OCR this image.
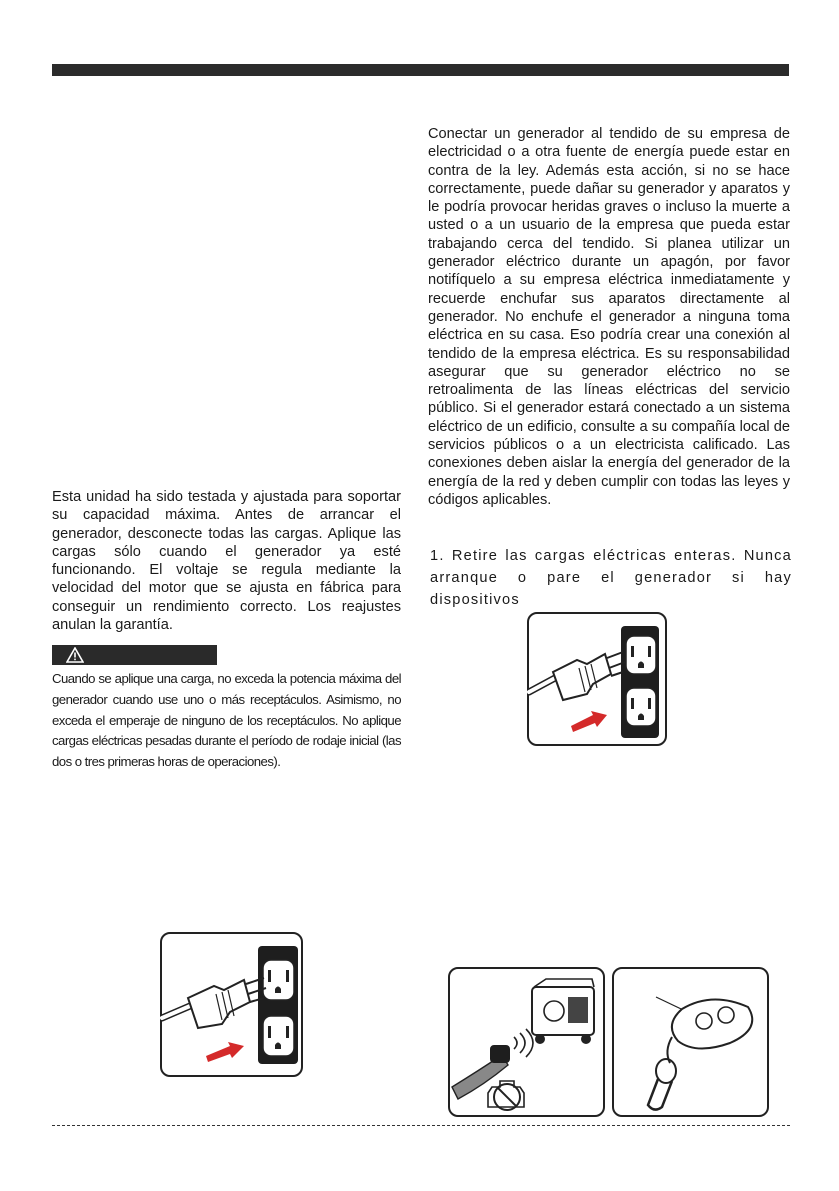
Conectar un generador al tendido de su empresa de electricidad o a otra fuente de energía puede estar en contra de la ley. Además esta acción, si no se hace correctamente, puede dañar su generador y aparatos y le podría provocar heridas graves o incluso la muerte a usted o a un usuario de la empresa que pueda estar trabajando cerca del tendido. Si planea utilizar un generador eléctrico durante un apagón, por favor notifíquelo a su empresa eléctrica inmediatamente y recuerde enchufar sus aparatos directamente al generador. No enchufe el generador a ninguna toma eléctrica en su casa. Eso podría crear una conexión al tendido de la empresa eléctrica. Es su responsabilidad asegurar que su generador eléctrico no se retroalimenta de las líneas eléctricas del servicio público. Si el generador estará conectado a un sistema eléctrico de un edificio, consulte a su compañía local de servicios públicos o a un electricista calificado. Las conexiones deben aislar la energía del generador de la energía de la red y deben cumplir con todas las leyes y códigos aplicables.

Esta unidad ha sido testada y ajustada para soportar su capacidad máxima. Antes de arrancar el generador, desconecte todas las cargas. Aplique las cargas sólo cuando el generador ya esté funcionando. El voltaje se regula mediante la velocidad del motor que se ajusta en fábrica para conseguir un rendimiento correcto. Los reajustes anulan la garantía.

Cuando se aplique una carga, no exceda la potencia máxima del generador cuando use uno o más receptáculos. Asimismo, no exceda el emperaje de ninguno de los receptáculos. No aplique cargas eléctricas pesadas durante el período de rodaje inicial (las dos o tres primeras horas de operaciones).

1. Retire las cargas eléctricas enteras. Nunca arranque o pare el generador si hay dispositivos
